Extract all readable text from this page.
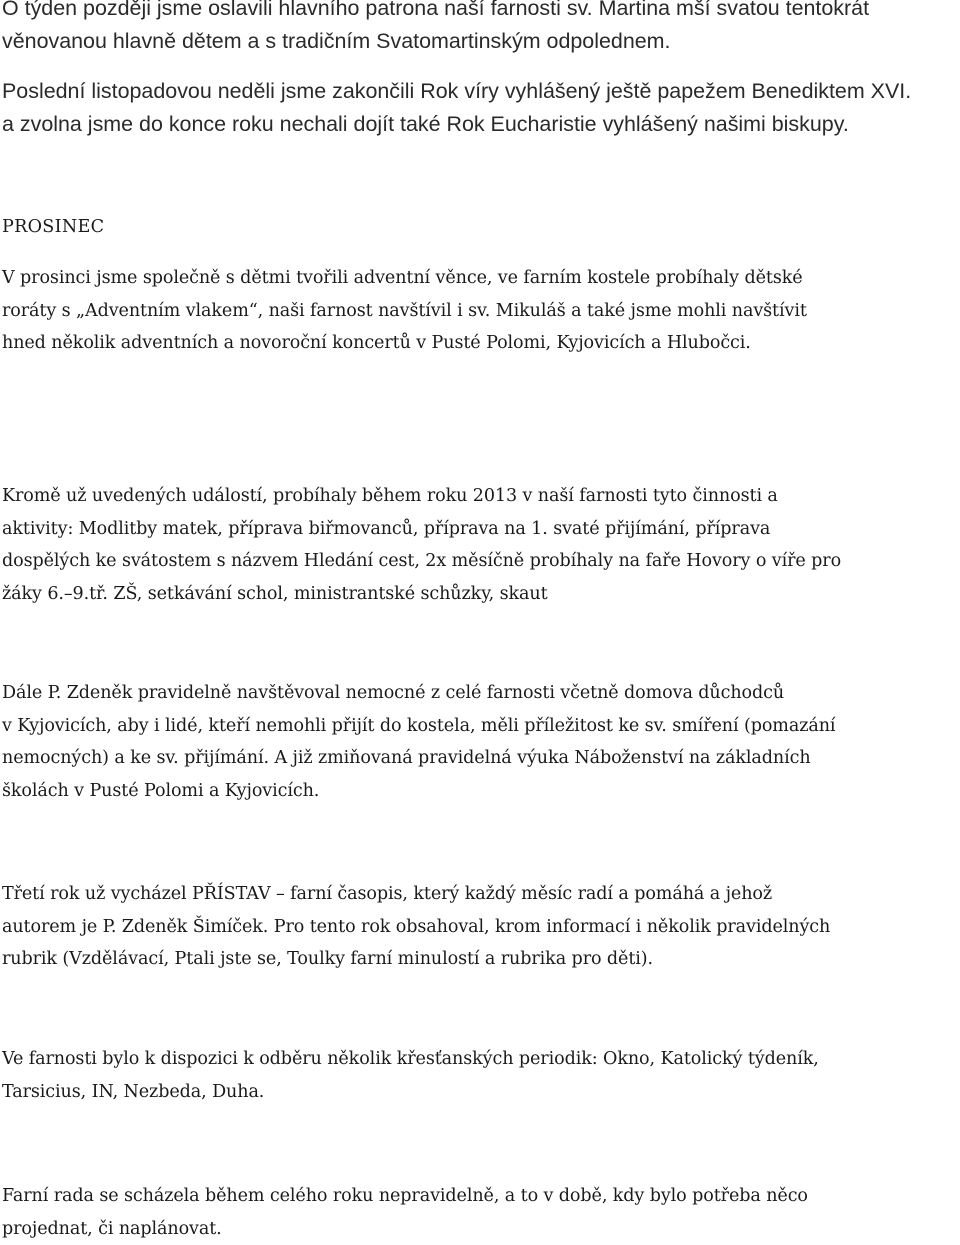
O týden později jsme oslavili hlavního patrona naší farnosti sv. Martina mší svatou tentokrát
věnovanou hlavně dětem a s tradičním Svatomartinským odpolednem.
Poslední listopadovou neděli jsme zakončili Rok víry vyhlášený ještě papežem Benediktem XVI.
a zvolna jsme do konce roku nechali dojít také Rok Eucharistie vyhlášený našimi biskupy.
PROSINEC
V prosinci jsme společně s dětmi tvořili adventní věnce, ve farním kostele probíhaly dětské
roráty s „Adventním vlakem“, naši farnost navštívil i sv. Mikuláš a také jsme mohli navštívit
hned několik adventních a novoroční koncertů v Pusté Polomi, Kyjovicích a Hlubočci.
Kromě už uvedených událostí, probíhaly během roku 2013 v naší farnosti tyto činnosti a
aktivity: Modlitby matek, příprava biřmovanců, příprava na 1. svaté přijímání, příprava
dospělých ke svátostem s názvem Hledání cest, 2x měsíčně probíhaly na faře Hovory o víře pro
žáky 6.–9.tř. ZŠ, setkávání schol, ministrantské schůzky, skaut
Dále P. Zdeněk pravidelně navštěvoval nemocné z celé farnosti včetně domova důchodců
v Kyjovicích, aby i lidé, kteří nemohli přijít do kostela, měli příležitost ke sv. smíření (pomazání
nemocných) a ke sv. přijímání. A již zmiňovaná pravidelná výuka Náboženství na základních
školách v Pusté Polomi a Kyjovicích.
Třetí rok už vycházel PŘÍSTAV – farní časopis, který každý měsíc radí a pomáhá a jehož
autorem je P. Zdeněk Šimíček. Pro tento rok obsahoval, krom informací i několik pravidelných
rubrik (Vzdělávací, Ptali jste se, Toulky farní minulostí a rubrika pro děti).
Ve farnosti bylo k dispozici k odběru několik křesťanských periodik: Okno, Katolický týdeník,
Tarsicius, IN, Nezbeda, Duha.
Farní rada se scházela během celého roku nepravidelně, a to v době, kdy bylo potřeba něco
projednat, či naplánovat.
